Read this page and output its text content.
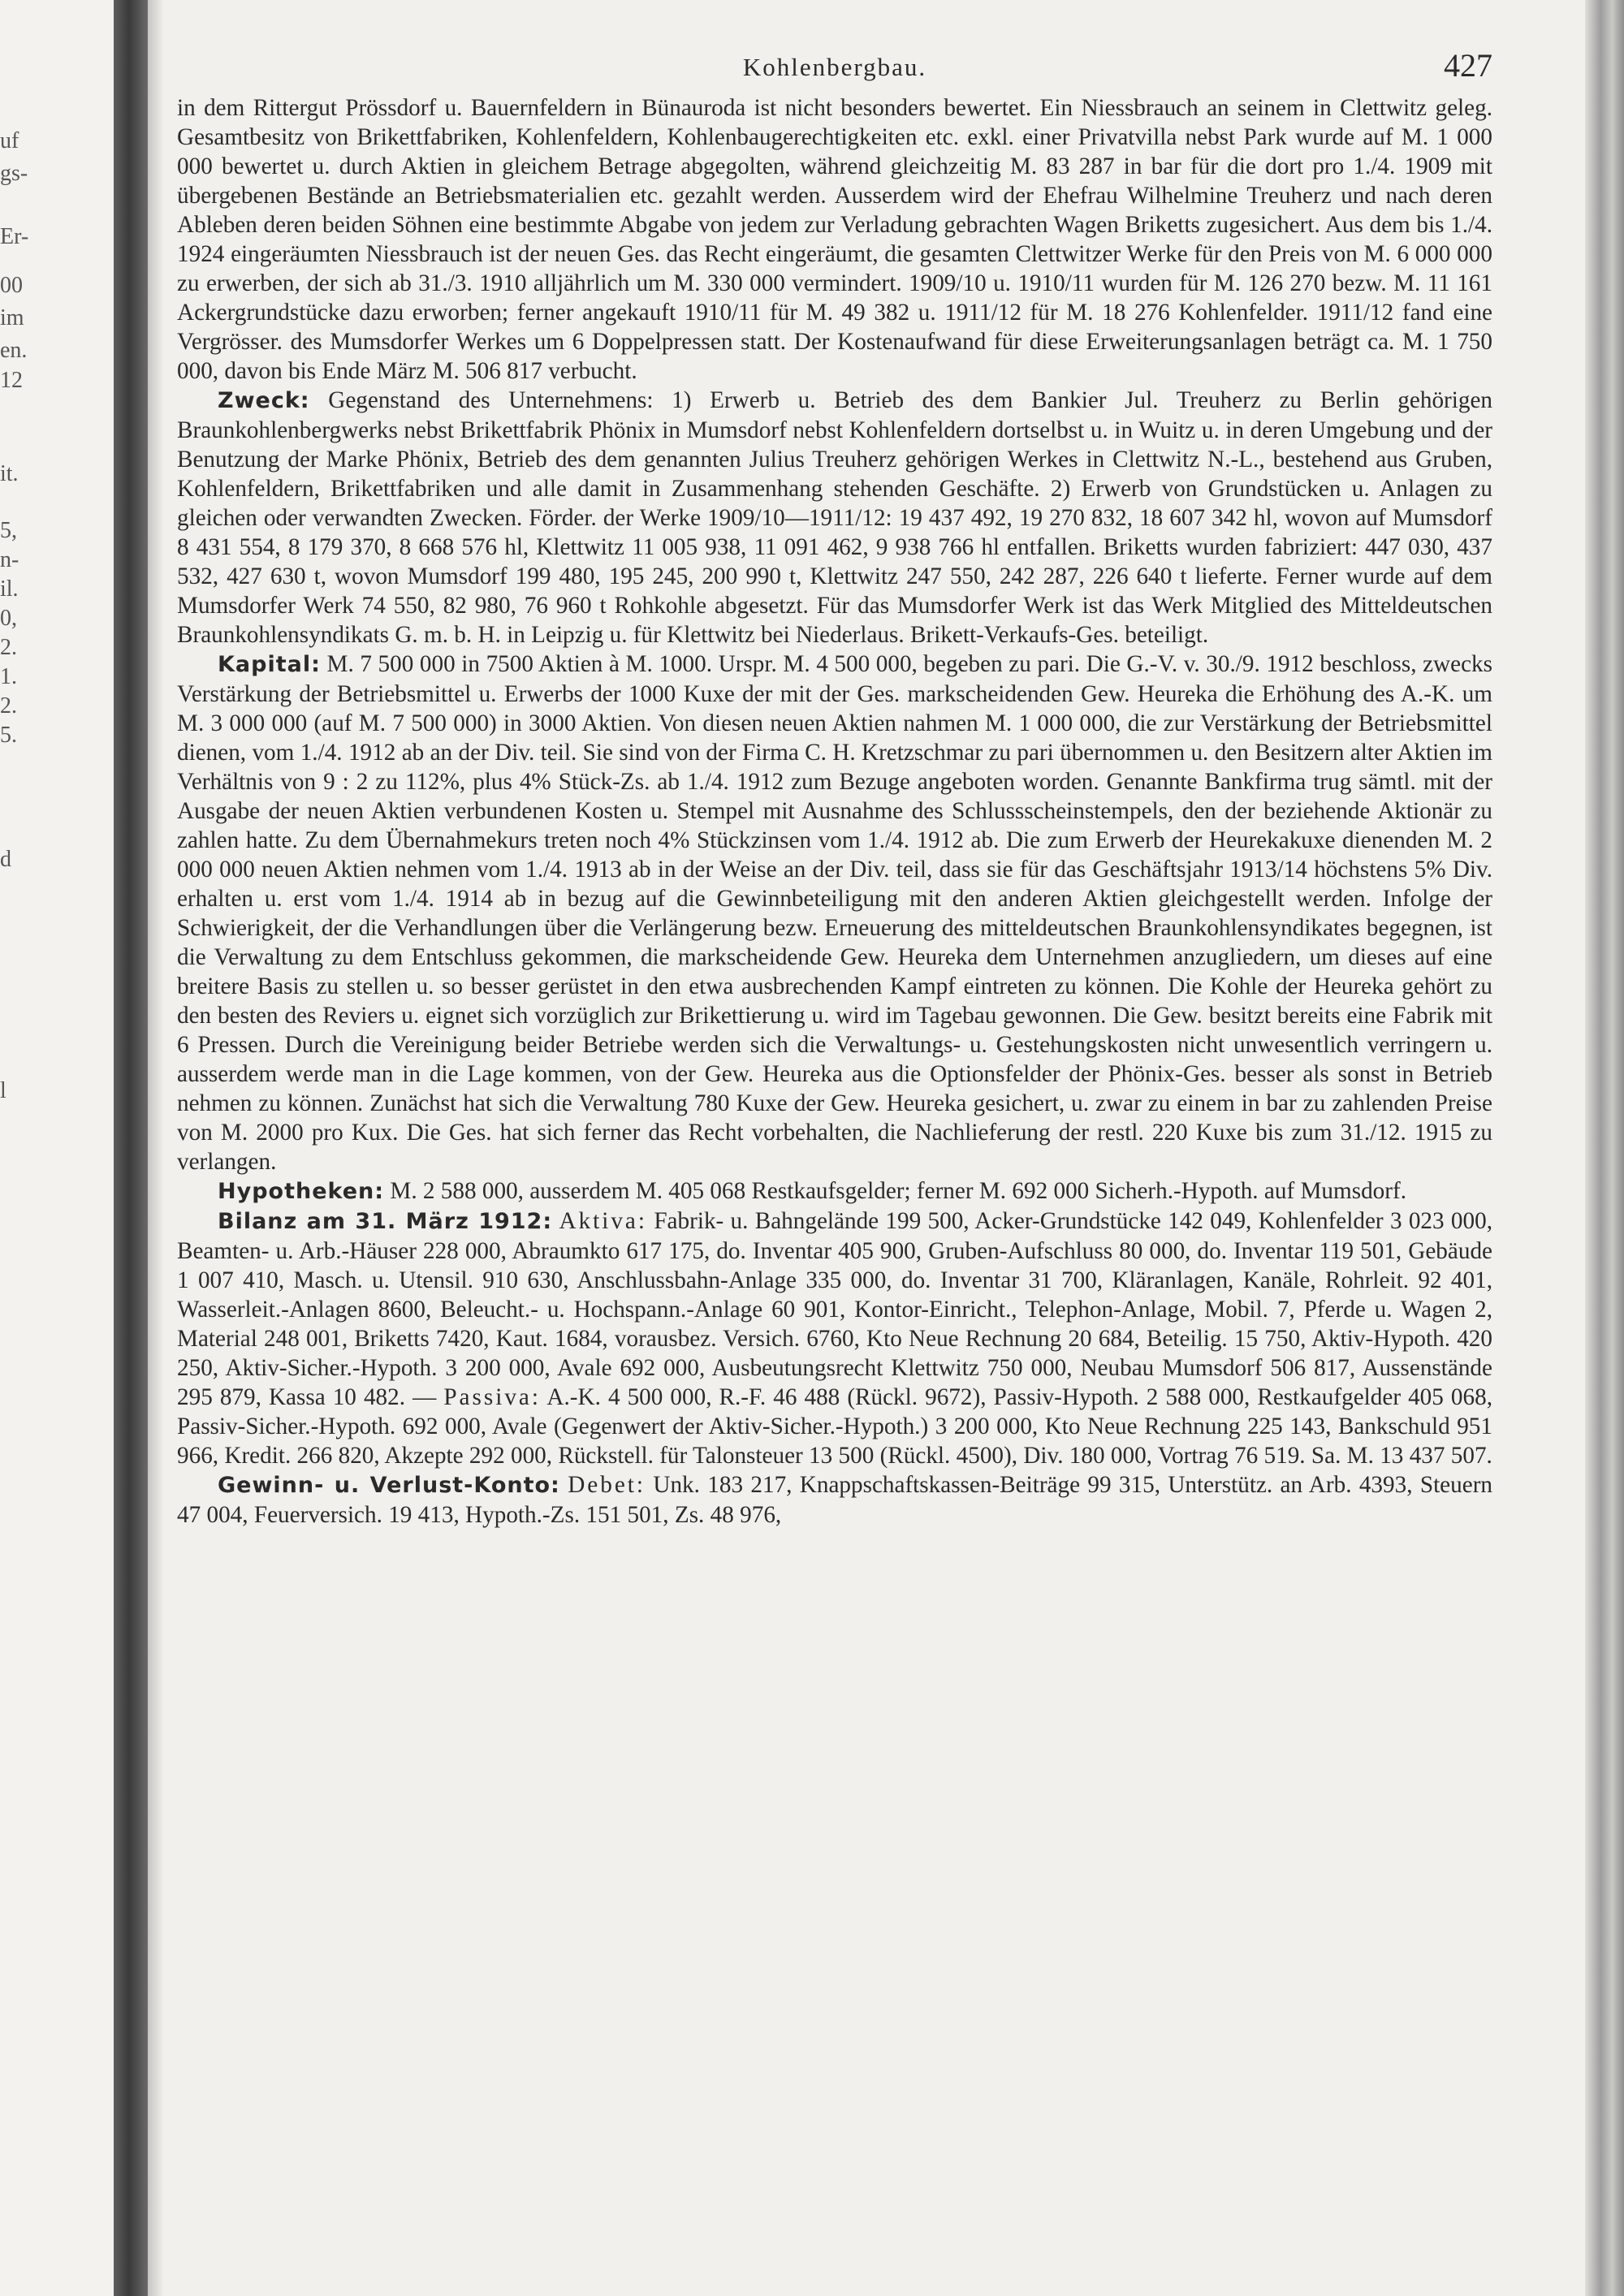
uf
gs-
Er-
00
im
en.
12
it.
5,
n-
il.
0,
2.
1.
2.
5.
d
l
Kohlenbergbau.	427

in dem Rittergut Prössdorf u. Bauernfeldern in Bünauroda ist nicht besonders bewertet. Ein Niessbrauch an seinem in Clettwitz geleg. Gesamtbesitz von Brikettfabriken, Kohlenfeldern, Kohlenbaugerechtigkeiten etc. exkl. einer Privatvilla nebst Park wurde auf M. 1 000 000 bewertet u. durch Aktien in gleichem Betrage abgegolten, während gleichzeitig M. 83 287 in bar für die dort pro 1./4. 1909 mit übergebenen Bestände an Betriebsmaterialien etc. gezahlt werden. Ausserdem wird der Ehefrau Wilhelmine Treuherz und nach deren Ableben deren beiden Söhnen eine bestimmte Abgabe von jedem zur Verladung gebrachten Wagen Briketts zugesichert. Aus dem bis 1./4. 1924 eingeräumten Niessbrauch ist der neuen Ges. das Recht eingeräumt, die gesamten Clettwitzer Werke für den Preis von M. 6 000 000 zu erwerben, der sich ab 31./3. 1910 alljährlich um M. 330 000 vermindert. 1909/10 u. 1910/11 wurden für M. 126 270 bezw. M. 11 161 Ackergrundstücke dazu erworben; ferner angekauft 1910/11 für M. 49 382 u. 1911/12 für M. 18 276 Kohlenfelder. 1911/12 fand eine Vergrösser. des Mumsdorfer Werkes um 6 Doppelpressen statt. Der Kostenaufwand für diese Erweiterungsanlagen beträgt ca. M. 1 750 000, davon bis Ende März M. 506 817 verbucht.

Zweck: Gegenstand des Unternehmens: 1) Erwerb u. Betrieb des dem Bankier Jul. Treuherz zu Berlin gehörigen Braunkohlenbergwerks nebst Brikettfabrik Phönix in Mumsdorf nebst Kohlenfeldern dortselbst u. in Wuitz u. in deren Umgebung und der Benutzung der Marke Phönix, Betrieb des dem genannten Julius Treuherz gehörigen Werkes in Clettwitz N.-L., bestehend aus Gruben, Kohlenfeldern, Brikettfabriken und alle damit in Zusammenhang stehenden Geschäfte. 2) Erwerb von Grundstücken u. Anlagen zu gleichen oder verwandten Zwecken. Förder. der Werke 1909/10—1911/12: 19 437 492, 19 270 832, 18 607 342 hl, wovon auf Mumsdorf 8 431 554, 8 179 370, 8 668 576 hl, Klettwitz 11 005 938, 11 091 462, 9 938 766 hl entfallen. Briketts wurden fabriziert: 447 030, 437 532, 427 630 t, wovon Mumsdorf 199 480, 195 245, 200 990 t, Klettwitz 247 550, 242 287, 226 640 t lieferte. Ferner wurde auf dem Mumsdorfer Werk 74 550, 82 980, 76 960 t Rohkohle abgesetzt. Für das Mumsdorfer Werk ist das Werk Mitglied des Mitteldeutschen Braunkohlensyndikats G. m. b. H. in Leipzig u. für Klettwitz bei Niederlaus. Brikett-Verkaufs-Ges. beteiligt.

Kapital: M. 7 500 000 in 7500 Aktien à M. 1000. Urspr. M. 4 500 000, begeben zu pari. Die G.-V. v. 30./9. 1912 beschloss, zwecks Verstärkung der Betriebsmittel u. Erwerbs der 1000 Kuxe der mit der Ges. markscheidenden Gew. Heureka die Erhöhung des A.-K. um M. 3 000 000 (auf M. 7 500 000) in 3000 Aktien. Von diesen neuen Aktien nahmen M. 1 000 000, die zur Verstärkung der Betriebsmittel dienen, vom 1./4. 1912 ab an der Div. teil. Sie sind von der Firma C. H. Kretzschmar zu pari übernommen u. den Besitzern alter Aktien im Verhältnis von 9 : 2 zu 112%, plus 4% Stück-Zs. ab 1./4. 1912 zum Bezuge angeboten worden. Genannte Bankfirma trug sämtl. mit der Ausgabe der neuen Aktien verbundenen Kosten u. Stempel mit Ausnahme des Schlussscheinstempels, den der beziehende Aktionär zu zahlen hatte. Zu dem Übernahmekurs treten noch 4% Stückzinsen vom 1./4. 1912 ab. Die zum Erwerb der Heurekakuxe dienenden M. 2 000 000 neuen Aktien nehmen vom 1./4. 1913 ab in der Weise an der Div. teil, dass sie für das Geschäftsjahr 1913/14 höchstens 5% Div. erhalten u. erst vom 1./4. 1914 ab in bezug auf die Gewinnbeteiligung mit den anderen Aktien gleichgestellt werden. Infolge der Schwierigkeit, der die Verhandlungen über die Verlängerung bezw. Erneuerung des mitteldeutschen Braunkohlensyndikates begegnen, ist die Verwaltung zu dem Entschluss gekommen, die markscheidende Gew. Heureka dem Unternehmen anzugliedern, um dieses auf eine breitere Basis zu stellen u. so besser gerüstet in den etwa ausbrechenden Kampf eintreten zu können. Die Kohle der Heureka gehört zu den besten des Reviers u. eignet sich vorzüglich zur Brikettierung u. wird im Tagebau gewonnen. Die Gew. besitzt bereits eine Fabrik mit 6 Pressen. Durch die Vereinigung beider Betriebe werden sich die Verwaltungs- u. Gestehungskosten nicht unwesentlich verringern u. ausserdem werde man in die Lage kommen, von der Gew. Heureka aus die Optionsfelder der Phönix-Ges. besser als sonst in Betrieb nehmen zu können. Zunächst hat sich die Verwaltung 780 Kuxe der Gew. Heureka gesichert, u. zwar zu einem in bar zu zahlenden Preise von M. 2000 pro Kux. Die Ges. hat sich ferner das Recht vorbehalten, die Nachlieferung der restl. 220 Kuxe bis zum 31./12. 1915 zu verlangen.

Hypotheken: M. 2 588 000, ausserdem M. 405 068 Restkaufsgelder; ferner M. 692 000 Sicherh.-Hypoth. auf Mumsdorf.

Bilanz am 31. März 1912: Aktiva: Fabrik- u. Bahngelände 199 500, Acker-Grundstücke 142 049, Kohlenfelder 3 023 000, Beamten- u. Arb.-Häuser 228 000, Abraumkto 617 175, do. Inventar 405 900, Gruben-Aufschluss 80 000, do. Inventar 119 501, Gebäude 1 007 410, Masch. u. Utensil. 910 630, Anschlussbahn-Anlage 335 000, do. Inventar 31 700, Kläranlagen, Kanäle, Rohrleit. 92 401, Wasserleit.-Anlagen 8600, Beleucht.- u. Hochspann.-Anlage 60 901, Kontor-Einricht., Telephon-Anlage, Mobil. 7, Pferde u. Wagen 2, Material 248 001, Briketts 7420, Kaut. 1684, vorausbez. Versich. 6760, Kto Neue Rechnung 20 684, Beteilig. 15 750, Aktiv-Hypoth. 420 250, Aktiv-Sicher.-Hypoth. 3 200 000, Avale 692 000, Ausbeutungsrecht Klettwitz 750 000, Neubau Mumsdorf 506 817, Aussenstände 295 879, Kassa 10 482. — Passiva: A.-K. 4 500 000, R.-F. 46 488 (Rückl. 9672), Passiv-Hypoth. 2 588 000, Restkaufgelder 405 068, Passiv-Sicher.-Hypoth. 692 000, Avale (Gegenwert der Aktiv-Sicher.-Hypoth.) 3 200 000, Kto Neue Rechnung 225 143, Bankschuld 951 966, Kredit. 266 820, Akzepte 292 000, Rückstell. für Talonsteuer 13 500 (Rückl. 4500), Div. 180 000, Vortrag 76 519. Sa. M. 13 437 507.

Gewinn- u. Verlust-Konto: Debet: Unk. 183 217, Knappschaftskassen-Beiträge 99 315, Unterstütz. an Arb. 4393, Steuern 47 004, Feuerversich. 19 413, Hypoth.-Zs. 151 501, Zs. 48 976,
